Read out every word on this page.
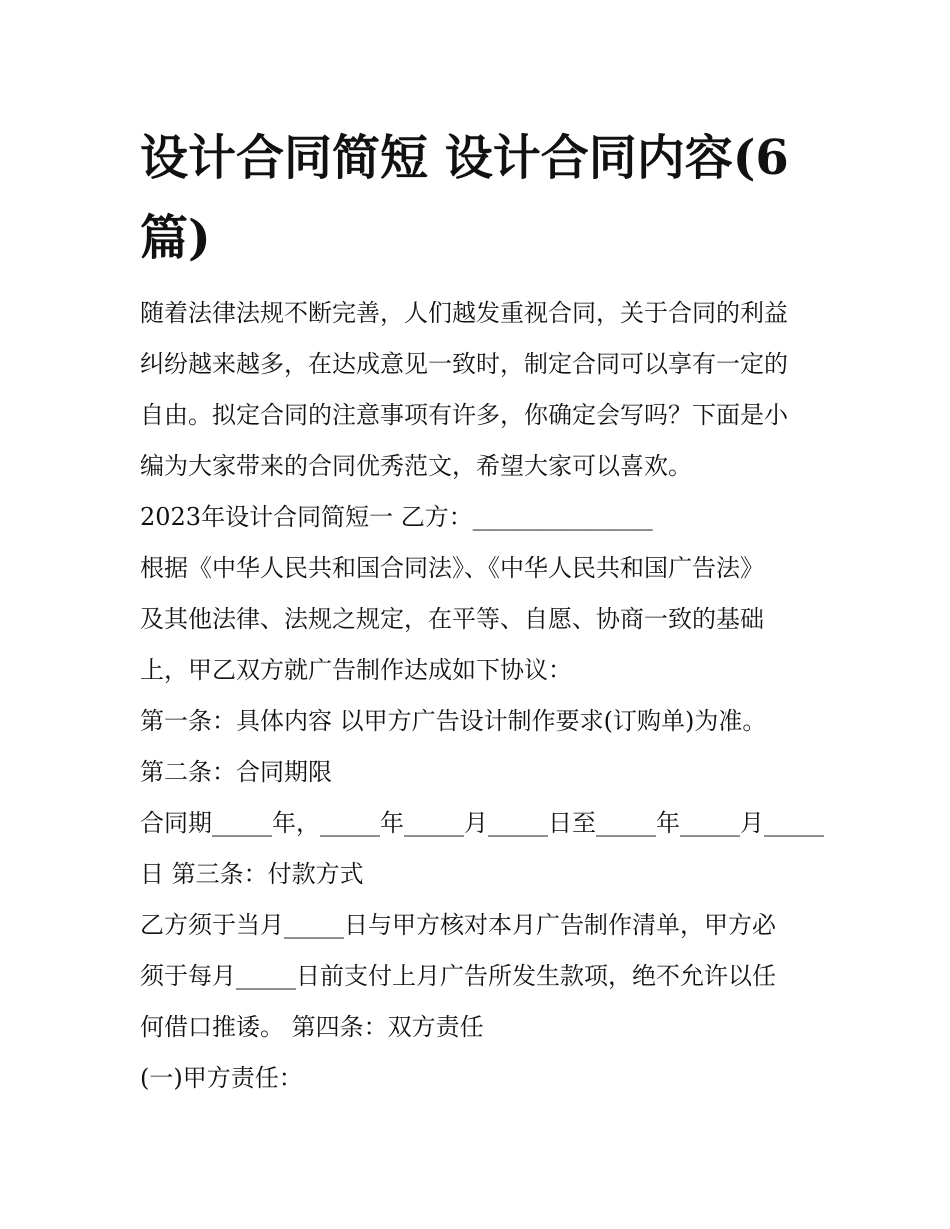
设计合同简短 设计合同内容(6
篇)

随着法律法规不断完善，人们越发重视合同，关于合同的利益

纠纷越来越多，在达成意见一致时，制定合同可以享有一定的

自由。拟定合同的注意事项有许多，你确定会写吗？下面是小

编为大家带来的合同优秀范文，希望大家可以喜欢。

2023年设计合同简短一 乙方：_______________

根据《中华人民共和国合同法》、《中华人民共和国广告法》

及其他法律、法规之规定，在平等、自愿、协商一致的基础

上，甲乙双方就广告制作达成如下协议：

第一条：具体内容 以甲方广告设计制作要求(订购单)为准。

第二条：合同期限

合同期_____年，_____年_____月_____日至_____年_____月_____

日 第三条：付款方式

乙方须于当月_____日与甲方核对本月广告制作清单，甲方必

须于每月_____日前支付上月广告所发生款项，绝不允许以任

何借口推诿。 第四条：双方责任

(一)甲方责任：
